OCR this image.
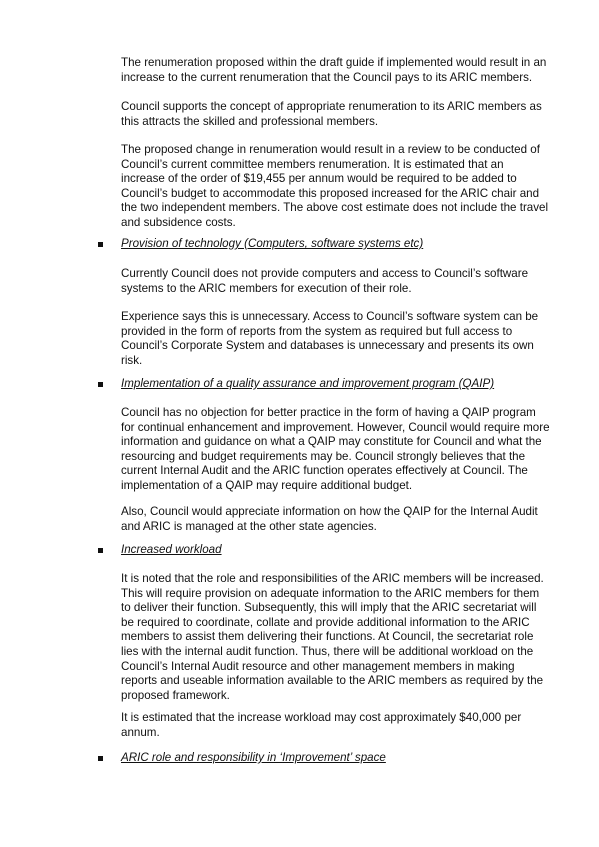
The renumeration proposed within the draft guide if implemented would result in an
increase to the current renumeration that the Council pays to its ARIC members.

Council supports the concept of appropriate renumeration to its ARIC members as
this attracts the skilled and professional members.

The proposed change in renumeration would result in a review to be conducted of
Council’s current committee members renumeration. It is estimated that an
increase of the order of $19,455 per annum would be required to be added to
Council’s budget to accommodate this proposed increased for the ARIC chair and
the two independent members. The above cost estimate does not include the travel
and subsidence costs.

Provision of technology (Computers, software systems etc)

Currently Council does not provide computers and access to Council’s software
systems to the ARIC members for execution of their role.

Experience says this is unnecessary. Access to Council’s software system can be
provided in the form of reports from the system as required but full access to
Council’s Corporate System and databases is unnecessary and presents its own
risk.

Implementation of a quality assurance and improvement program (QAIP)

Council has no objection for better practice in the form of having a QAIP program
for continual enhancement and improvement. However, Council would require more
information and guidance on what a QAIP may constitute for Council and what the
resourcing and budget requirements may be. Council strongly believes that the
current Internal Audit and the ARIC function operates effectively at Council. The
implementation of a QAIP may require additional budget.

Also, Council would appreciate information on how the QAIP for the Internal Audit
and ARIC is managed at the other state agencies.

Increased workload

It is noted that the role and responsibilities of the ARIC members will be increased.
This will require provision on adequate information to the ARIC members for them
to deliver their function. Subsequently, this will imply that the ARIC secretariat will
be required to coordinate, collate and provide additional information to the ARIC
members to assist them delivering their functions. At Council, the secretariat role
lies with the internal audit function. Thus, there will be additional workload on the
Council’s Internal Audit resource and other management members in making
reports and useable information available to the ARIC members as required by the
proposed framework.

It is estimated that the increase workload may cost approximately $40,000 per
annum.

ARIC role and responsibility in ‘Improvement’ space
